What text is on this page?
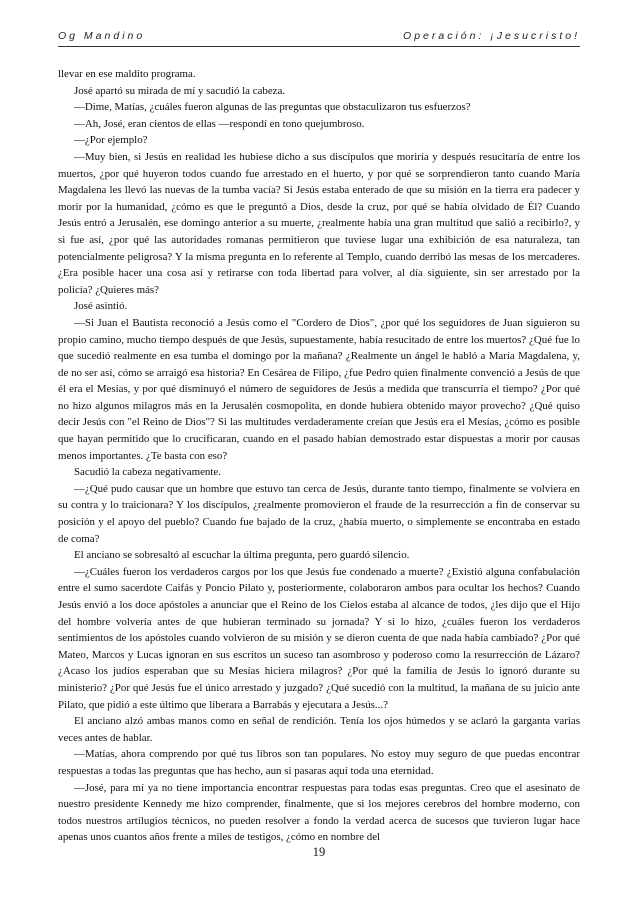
Og Mandino	Operación: ¡Jesucristo!

llevar en ese maldito programa.

José apartó su mirada de mí y sacudió la cabeza.

—Dime, Matías, ¿cuáles fueron algunas de las preguntas que obstaculizaron tus esfuerzos?

—Ah, José, eran cientos de ellas —respondí en tono quejumbroso.

—¿Por ejemplo?

—Muy bien, si Jesús en realidad les hubiese dicho a sus discípulos que moriría y después resucitaría de entre los muertos, ¿por qué huyeron todos cuando fue arrestado en el huerto, y por qué se sorprendieron tanto cuando María Magdalena les llevó las nuevas de la tumba vacía? Si Jesús estaba enterado de que su misión en la tierra era padecer y morir por la humanidad, ¿cómo es que le preguntó a Dios, desde la cruz, por qué se había olvidado de Él? Cuando Jesús entró a Jerusalén, ese domingo anterior a su muerte, ¿realmente había una gran multitud que salió a recibirlo?, y si fue así, ¿por qué las autoridades romanas permitieron que tuviese lugar una exhibición de esa naturaleza, tan potencialmente peligrosa? Y la misma pregunta en lo referente al Templo, cuando derribó las mesas de los mercaderes. ¿Era posible hacer una cosa así y retirarse con toda libertad para volver, al día siguiente, sin ser arrestado por la policía? ¿Quieres más?

José asintió.

—Si Juan el Bautista reconoció a Jesús como el "Cordero de Dios", ¿por qué los seguidores de Juan siguieron su propio camino, mucho tiempo después de que Jesús, supuestamente, había resucitado de entre los muertos? ¿Qué fue lo que sucedió realmente en esa tumba el domingo por la mañana? ¿Realmente un ángel le habló a María Magdalena, y, de no ser así, cómo se arraigó esa historia? En Cesárea de Filipo, ¿fue Pedro quien finalmente convenció a Jesús de que él era el Mesías, y por qué disminuyó el número de seguidores de Jesús a medida que transcurría el tiempo? ¿Por qué no hizo algunos milagros más en la Jerusalén cosmopolita, en donde hubiera obtenido mayor provecho? ¿Qué quiso decir Jesús con "el Reino de Dios"? Si las multitudes verdaderamente creían que Jesús era el Mesías, ¿cómo es posible que hayan permitido que lo crucificaran, cuando en el pasado habían demostrado estar dispuestas a morir por causas menos importantes. ¿Te basta con eso?

Sacudió la cabeza negativamente.

—¿Qué pudo causar que un hombre que estuvo tan cerca de Jesús, durante tanto tiempo, finalmente se volviera en su contra y lo traicionara? Y los discípulos, ¿realmente promovieron el fraude de la resurrección a fin de conservar su posición y el apoyo del pueblo? Cuando fue bajado de la cruz, ¿había muerto, o simplemente se encontraba en estado de coma?

El anciano se sobresaltó al escuchar la última pregunta, pero guardó silencio.

—¿Cuáles fueron los verdaderos cargos por los que Jesús fue condenado a muerte? ¿Existió alguna confabulación entre el sumo sacerdote Caifás y Poncio Pilato y, posteriormente, colaboraron ambos para ocultar los hechos? Cuando Jesús envió a los doce apóstoles a anunciar que el Reino de los Cielos estaba al alcance de todos, ¿les dijo que el Hijo del hombre volvería antes de que hubieran terminado su jornada? Y si lo hizo, ¿cuáles fueron los verdaderos sentimientos de los apóstoles cuando volvieron de su misión y se dieron cuenta de que nada había cambiado? ¿Por qué Mateo, Marcos y Lucas ignoran en sus escritos un suceso tan asombroso y poderoso como la resurrección de Lázaro? ¿Acaso los judíos esperaban que su Mesías hiciera milagros? ¿Por qué la familia de Jesús lo ignoró durante su ministerio? ¿Por qué Jesús fue el único arrestado y juzgado? ¿Qué sucedió con la multitud, la mañana de su juicio ante Pilato, que pidió a este último que liberara a Barrabás y ejecutara a Jesús...?

El anciano alzó ambas manos como en señal de rendición. Tenía los ojos húmedos y se aclaró la garganta varias veces antes de hablar.

—Matías, ahora comprendo por qué tus libros son tan populares. No estoy muy seguro de que puedas encontrar respuestas a todas las preguntas que has hecho, aun si pasaras aquí toda una eternidad.

—José, para mí ya no tiene importancia encontrar respuestas para todas esas preguntas. Creo que el asesinato de nuestro presidente Kennedy me hizo comprender, finalmente, que si los mejores cerebros del hombre moderno, con todos nuestros artilugios técnicos, no pueden resolver a fondo la verdad acerca de sucesos que tuvieron lugar hace apenas unos cuantos años frente a miles de testigos, ¿cómo en nombre del

19
